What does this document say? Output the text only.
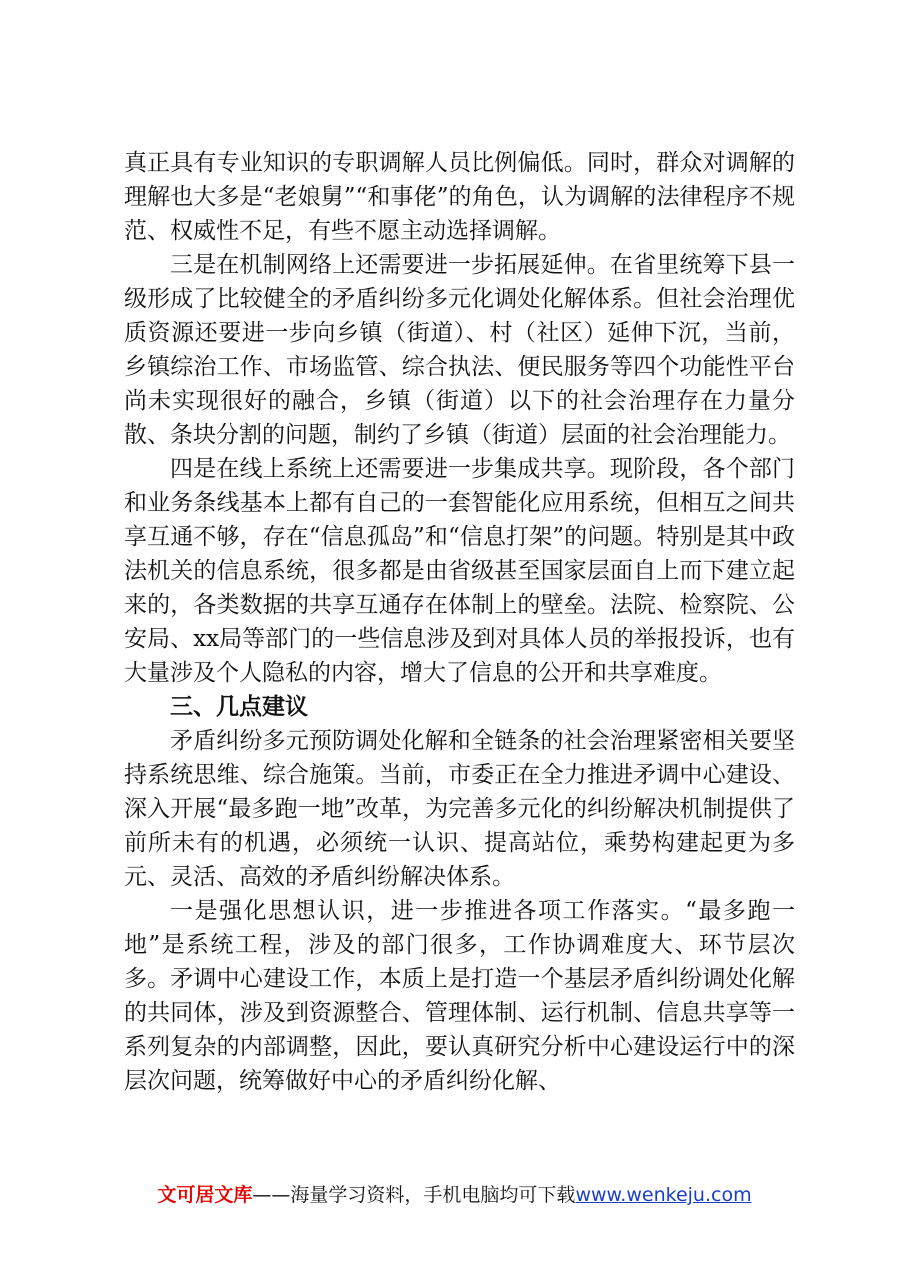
真正具有专业知识的专职调解人员比例偏低。同时，群众对调解的理解也大多是“老娘舅”“和事佬”的角色，认为调解的法律程序不规范、权威性不足，有些不愿主动选择调解。

三是在机制网络上还需要进一步拓展延伸。在省里统筹下县一级形成了比较健全的矛盾纠纷多元化调处化解体系。但社会治理优质资源还要进一步向乡镇（街道）、村（社区）延伸下沉，当前，乡镇综治工作、市场监管、综合执法、便民服务等四个功能性平台尚未实现很好的融合，乡镇（街道）以下的社会治理存在力量分散、条块分割的问题，制约了乡镇（街道）层面的社会治理能力。

四是在线上系统上还需要进一步集成共享。现阶段，各个部门和业务条线基本上都有自己的一套智能化应用系统，但相互之间共享互通不够，存在“信息孤岛”和“信息打架”的问题。特别是其中政法机关的信息系统，很多都是由省级甚至国家层面自上而下建立起来的，各类数据的共享互通存在体制上的壁垒。法院、检察院、公安局、xx局等部门的一些信息涉及到对具体人员的举报投诉，也有大量涉及个人隐私的内容，增大了信息的公开和共享难度。

三、几点建议

矛盾纠纷多元预防调处化解和全链条的社会治理紧密相关要坚持系统思维、综合施策。当前，市委正在全力推进矛调中心建设、深入开展“最多跑一地”改革，为完善多元化的纠纷解决机制提供了前所未有的机遇，必须统一认识、提高站位，乘势构建起更为多元、灵活、高效的矛盾纠纷解决体系。

一是强化思想认识，进一步推进各项工作落实。“最多跑一地”是系统工程，涉及的部门很多，工作协调难度大、环节层次多。矛调中心建设工作，本质上是打造一个基层矛盾纠纷调处化解的共同体，涉及到资源整合、管理体制、运行机制、信息共享等一系列复杂的内部调整，因此，要认真研究分析中心建设运行中的深层次问题，统筹做好中心的矛盾纠纷化解、

文可居文库——海量学习资料，手机电脑均可下载www.wenkeju.com
